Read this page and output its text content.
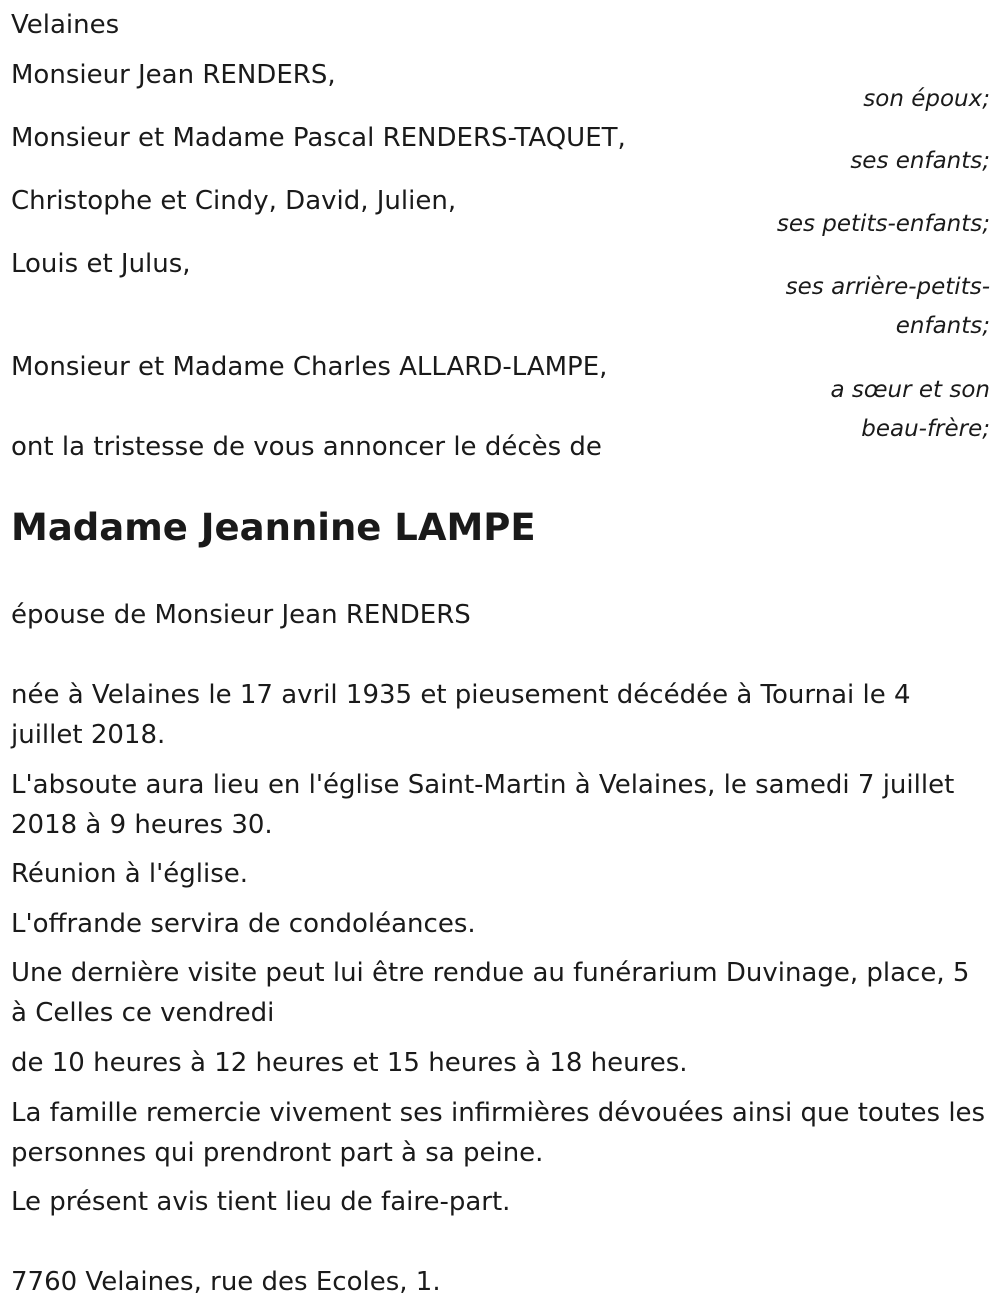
Velaines
Monsieur Jean RENDERS,
son époux;
Monsieur et Madame Pascal RENDERS-TAQUET,
ses enfants;
Christophe et Cindy, David, Julien,
ses petits-enfants;
Louis et Julus,
ses arrière-petits-
enfants;
Monsieur et Madame Charles ALLARD-LAMPE,
a sœur et son
beau-frère;
ont la tristesse de vous annoncer le décès de
Madame Jeannine LAMPE
épouse de Monsieur Jean RENDERS
née à Velaines le 17 avril 1935 et pieusement décédée à Tournai le 4 juillet 2018.
L'absoute aura lieu en l'église Saint-Martin à Velaines, le samedi 7 juillet 2018 à 9 heures 30.
Réunion à l'église.
L'offrande servira de condoléances.
Une dernière visite peut lui être rendue au funérarium Duvinage, place, 5 à Celles ce vendredi
de 10 heures à 12 heures et 15 heures à 18 heures.
La famille remercie vivement ses infirmières dévouées ainsi que toutes les personnes qui prendront part à sa peine.
Le présent avis tient lieu de faire-part.
7760 Velaines, rue des Ecoles, 1.
